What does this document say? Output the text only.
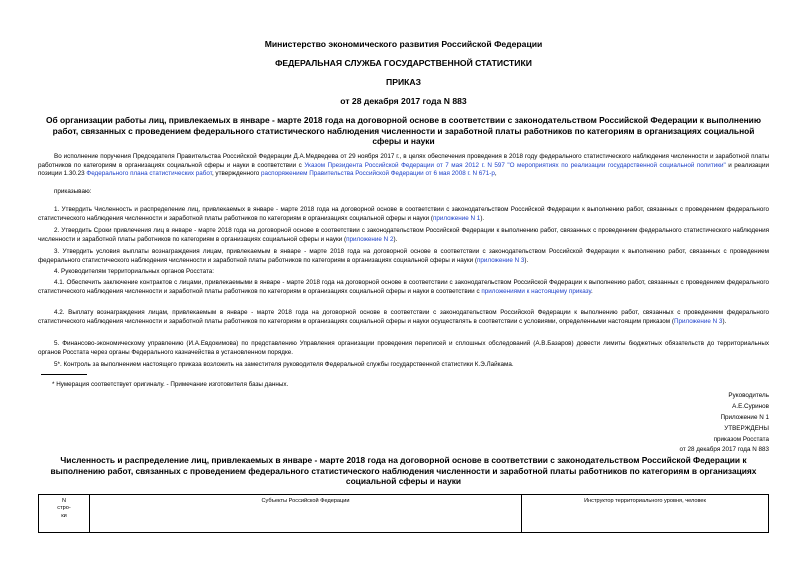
Министерство экономического развития Российской Федерации
ФЕДЕРАЛЬНАЯ СЛУЖБА ГОСУДАРСТВЕННОЙ СТАТИСТИКИ
ПРИКАЗ
от 28 декабря 2017 года N 883
Об организации работы лиц, привлекаемых в январе - марте 2018 года на договорной основе в соответствии с законодательством Российской Федерации к выполнению работ, связанных с проведением федерального статистического наблюдения численности и заработной платы работников по категориям в организациях социальной сферы и науки
Во исполнение поручения Председателя Правительства Российской Федерации Д.А.Медведева от 29 ноября 2017 г., в целях обеспечения проведения в 2018 году федерального статистического наблюдения численности и заработной платы работников по категориям в организациях социальной сферы и науки в соответствии с Указом Президента Российской Федерации от 7 мая 2012 г. N 597 "О мероприятиях по реализации государственной социальной политики" и реализации позиции 1.30.23 Федерального плана статистических работ, утвержденного распоряжением Правительства Российской Федерации от 6 мая 2008 г. N 671-р,
приказываю:
1. Утвердить Численность и распределение лиц, привлекаемых в январе - марте 2018 года на договорной основе в соответствии с законодательством Российской Федерации к выполнению работ, связанных с проведением федерального статистического наблюдения численности и заработной платы работников по категориям в организациях социальной сферы и науки (приложение N 1).
2. Утвердить Сроки привлечения лиц в январе - марте 2018 года на договорной основе в соответствии с законодательством Российской Федерации к выполнению работ, связанных с проведением федерального статистического наблюдения численности и заработной платы работников по категориям в организациях социальной сферы и науки (приложение N 2).
3. Утвердить условия выплаты вознаграждения лицам, привлекаемым в январе - марте 2018 года на договорной основе в соответствии с законодательством Российской Федерации к выполнению работ, связанных с проведением федерального статистического наблюдения численности и заработной платы работников по категориям в организациях социальной сферы и науки (приложение N 3).
4. Руководителям территориальных органов Росстата:
4.1. Обеспечить заключение контрактов с лицами, привлекаемыми в январе - марте 2018 года на договорной основе в соответствии с законодательством Российской Федерации к выполнению работ, связанных с проведением федерального статистического наблюдения численности и заработной платы работников по категориям в организациях социальной сферы и науки в соответствии с приложениями к настоящему приказу.
4.2. Выплату вознаграждения лицам, привлекаемым в январе - марте 2018 года на договорной основе в соответствии с законодательством Российской Федерации к выполнению работ, связанных с проведением федерального статистического наблюдения численности и заработной платы работников по категориям в организациях социальной сферы и науки осуществлять в соответствии с условиями, определенными настоящим приказом (Приложение N 3).
5. Финансово-экономическому управлению (И.А.Евдокимова) по представлению Управления организации проведения переписей и сплошных обследований (А.В.Базаров) довести лимиты бюджетных обязательств до территориальных органов Росстата через органы Федерального казначейства в установленном порядке.
5*. Контроль за выполнением настоящего приказа возложить на заместителя руководителя Федеральной службы государственной статистики К.Э.Лайкама.
* Нумерация соответствует оригиналу. - Примечание изготовителя базы данных.
Руководитель
А.Е.Суринов
Приложение N 1
УТВЕРЖДЕНЫ
приказом Росстата
от 28 декабря 2017 года N 883
Численность и распределение лиц, привлекаемых в январе - марте 2018 года на договорной основе в соответствии с законодательством Российской Федерации к выполнению работ, связанных с проведением федерального статистического наблюдения численности и заработной платы работников по категориям в организациях социальной сферы и науки
N
стро-
ки	Субъекты Российской Федерации	Инструктор территориального уровня, человек
